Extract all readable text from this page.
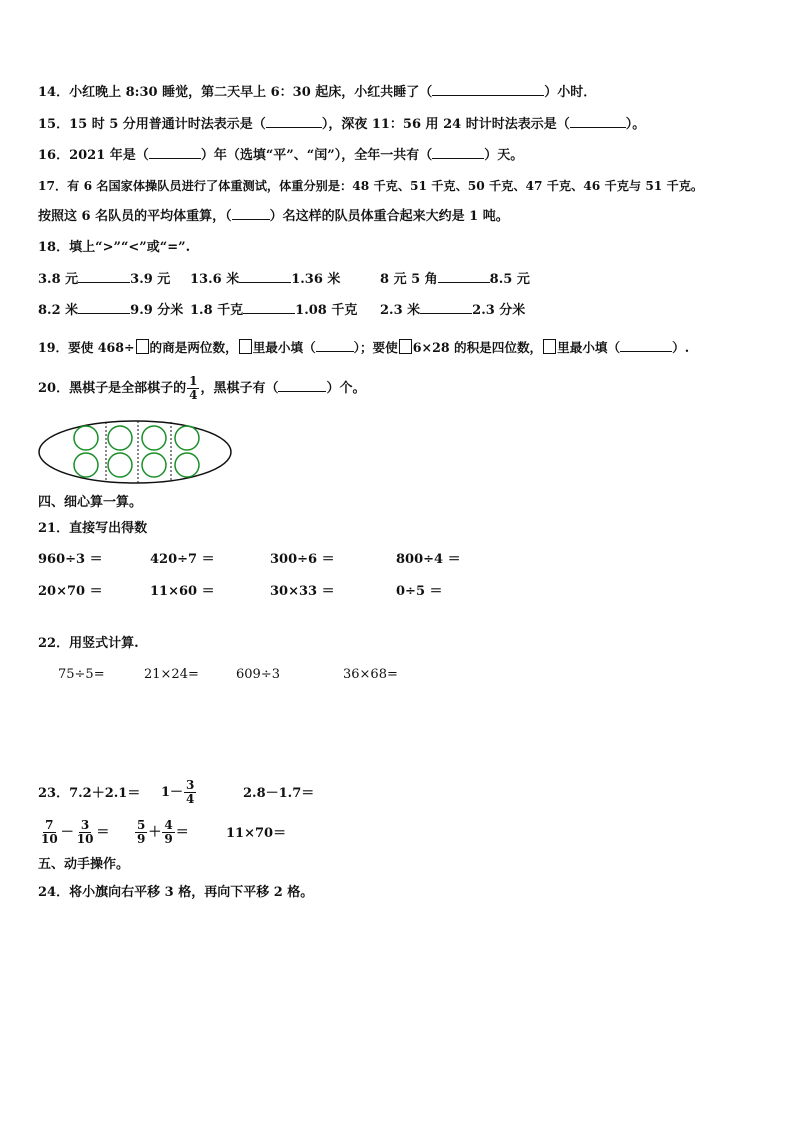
14．小红晚上 8:30 睡觉，第二天早上 6：30 起床，小红共睡了（	）小时．
15．15 时 5 分用普通计时法表示是（	），深夜 11：56 用 24 时计时法表示是（	）。
16．2021 年是（	）年（选填“平”、“闰”），全年一共有（	）天。
17．有 6 名国家体操队员进行了体重测试，体重分别是：48 千克、51 千克、50 千克、47 千克、46 千克与 51 千克。
按照这 6 名队员的平均体重算，（	）名这样的队员体重合起来大约是 1 吨。
18．填上“>”“<”或“=”.
3.8 元	3.9 元 13.6 米	1.36 米	8 元 5 角	8.5 元
8.2 米	9.9 分米 1.8 千克	1.08 千克 2.3 米	2.3 分米
19．要使 468÷ 的商是两位数， 里最小填（	）；要使 6×28 的积是四位数， 里最小填（	）.
20．黑棋子是全部棋子的 $\frac{1}{4}$ ，黑棋子有（	）个。
四、细心算一算。
21．直接写出得数
960÷3 ＝	420÷7 ＝	300÷6 ＝	800÷4 ＝
20×70 ＝	11×60 ＝	30×33 ＝	0÷5 ＝
22．用竖式计算.
75÷5=	21×24=	609÷3	36×68=
23．$7.2+2.1= 1- \frac{3}{4}$	2.8－1.7＝
$\frac{7}{10} - \frac{3}{10} = \frac{5}{9} + \frac{4}{9}$ ＝	11×70＝
五、动手操作。
24．将小旗向右平移 3 格，再向下平移 2 格。
